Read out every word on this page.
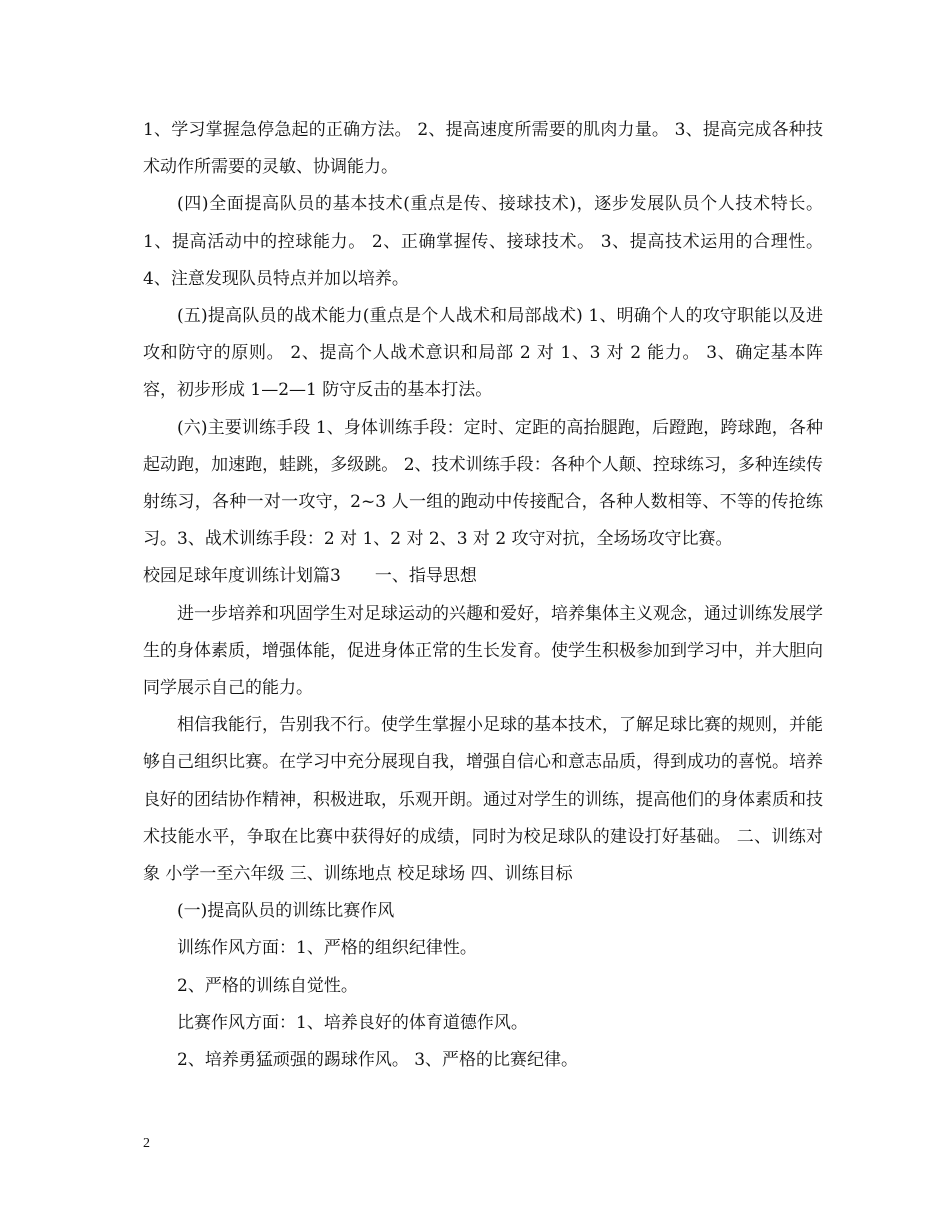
1、学习掌握急停急起的正确方法。 2、提高速度所需要的肌肉力量。 3、提高完成各种技术动作所需要的灵敏、协调能力。

(四)全面提高队员的基本技术(重点是传、接球技术)，逐步发展队员个人技术特长。 1、提高活动中的控球能力。 2、正确掌握传、接球技术。 3、提高技术运用的合理性。 4、注意发现队员特点并加以培养。

(五)提高队员的战术能力(重点是个人战术和局部战术) 1、明确个人的攻守职能以及进攻和防守的原则。 2、提高个人战术意识和局部 2 对 1、3 对 2 能力。 3、确定基本阵容，初步形成 1—2—1 防守反击的基本打法。

(六)主要训练手段 1、身体训练手段：定时、定距的高抬腿跑，后蹬跑，跨球跑，各种起动跑，加速跑，蛙跳，多级跳。 2、技术训练手段：各种个人颠、控球练习，多种连续传射练习，各种一对一攻守，2~3 人一组的跑动中传接配合，各种人数相等、不等的传抢练习。3、战术训练手段：2 对 1、2 对 2、3 对 2 攻守对抗，全场场攻守比赛。

校园足球年度训练计划篇3　　一、指导思想

进一步培养和巩固学生对足球运动的兴趣和爱好，培养集体主义观念，通过训练发展学生的身体素质，增强体能，促进身体正常的生长发育。使学生积极参加到学习中，并大胆向同学展示自己的能力。

相信我能行，告别我不行。使学生掌握小足球的基本技术，了解足球比赛的规则，并能够自己组织比赛。在学习中充分展现自我，增强自信心和意志品质，得到成功的喜悦。培养良好的团结协作精神，积极进取，乐观开朗。通过对学生的训练，提高他们的身体素质和技术技能水平，争取在比赛中获得好的成绩，同时为校足球队的建设打好基础。 二、训练对象 小学一至六年级 三、训练地点 校足球场 四、训练目标

(一)提高队员的训练比赛作风

训练作风方面：1、严格的组织纪律性。

2、严格的训练自觉性。

比赛作风方面：1、培养良好的体育道德作风。

2、培养勇猛顽强的踢球作风。 3、严格的比赛纪律。

2
